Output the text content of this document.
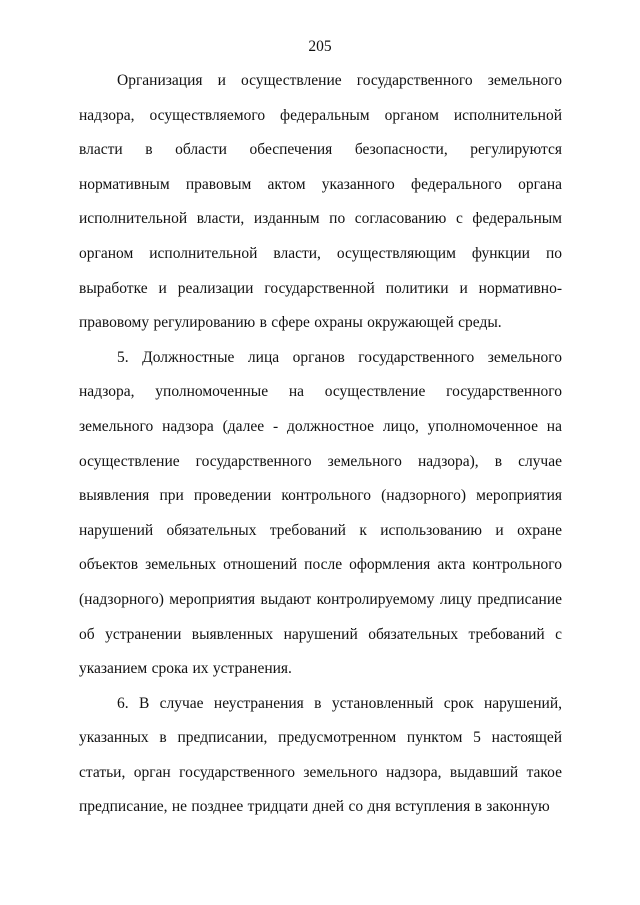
205

Организация и осуществление государственного земельного надзора, осуществляемого федеральным органом исполнительной власти в области обеспечения безопасности, регулируются нормативным правовым актом указанного федерального органа исполнительной власти, изданным по согласованию с федеральным органом исполнительной власти, осуществляющим функции по выработке и реализации государственной политики и нормативно-правовому регулированию в сфере охраны окружающей среды.

5. Должностные лица органов государственного земельного надзора, уполномоченные на осуществление государственного земельного надзора (далее - должностное лицо, уполномоченное на осуществление государственного земельного надзора), в случае выявления при проведении контрольного (надзорного) мероприятия нарушений обязательных требований к использованию и охране объектов земельных отношений после оформления акта контрольного (надзорного) мероприятия выдают контролируемому лицу предписание об устранении выявленных нарушений обязательных требований с указанием срока их устранения.

6. В случае неустранения в установленный срок нарушений, указанных в предписании, предусмотренном пунктом 5 настоящей статьи, орган государственного земельного надзора, выдавший такое предписание, не позднее тридцати дней со дня вступления в законную
